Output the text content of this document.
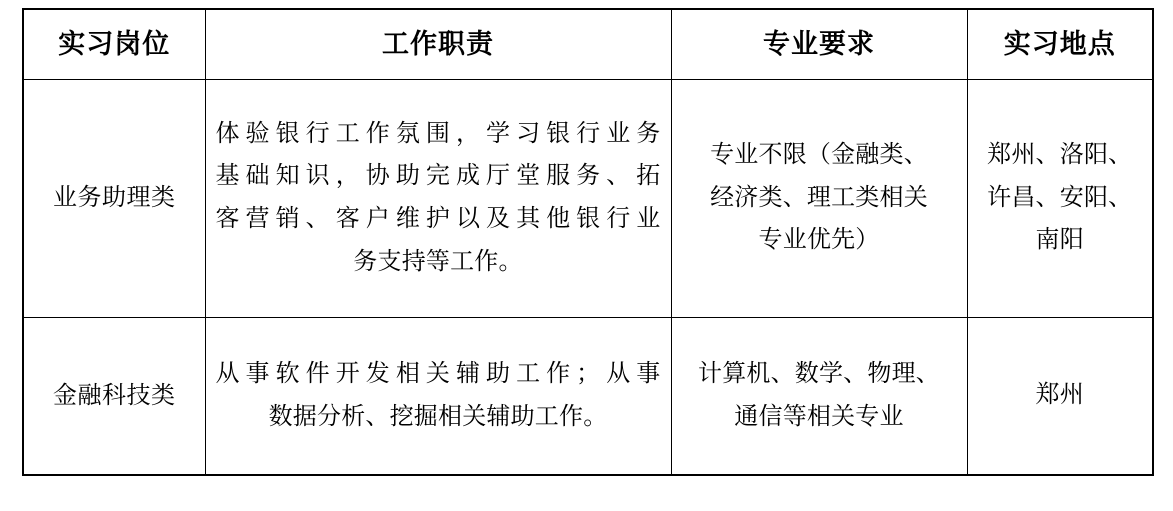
实习岗位	工作职责	专业要求	实习地点
业务助理类	体验银行工作氛围，学习银行业务
基础知识，协助完成厅堂服务、拓
客营销、客户维护以及其他银行业
务支持等工作。	专业不限（金融类、
经济类、理工类相关
专业优先）	郑州、洛阳、
许昌、安阳、
南阳

金融科技类	从事软件开发相关辅助工作；从事
数据分析、挖掘相关辅助工作。	计算机、数学、物理、
通信等相关专业	郑州
